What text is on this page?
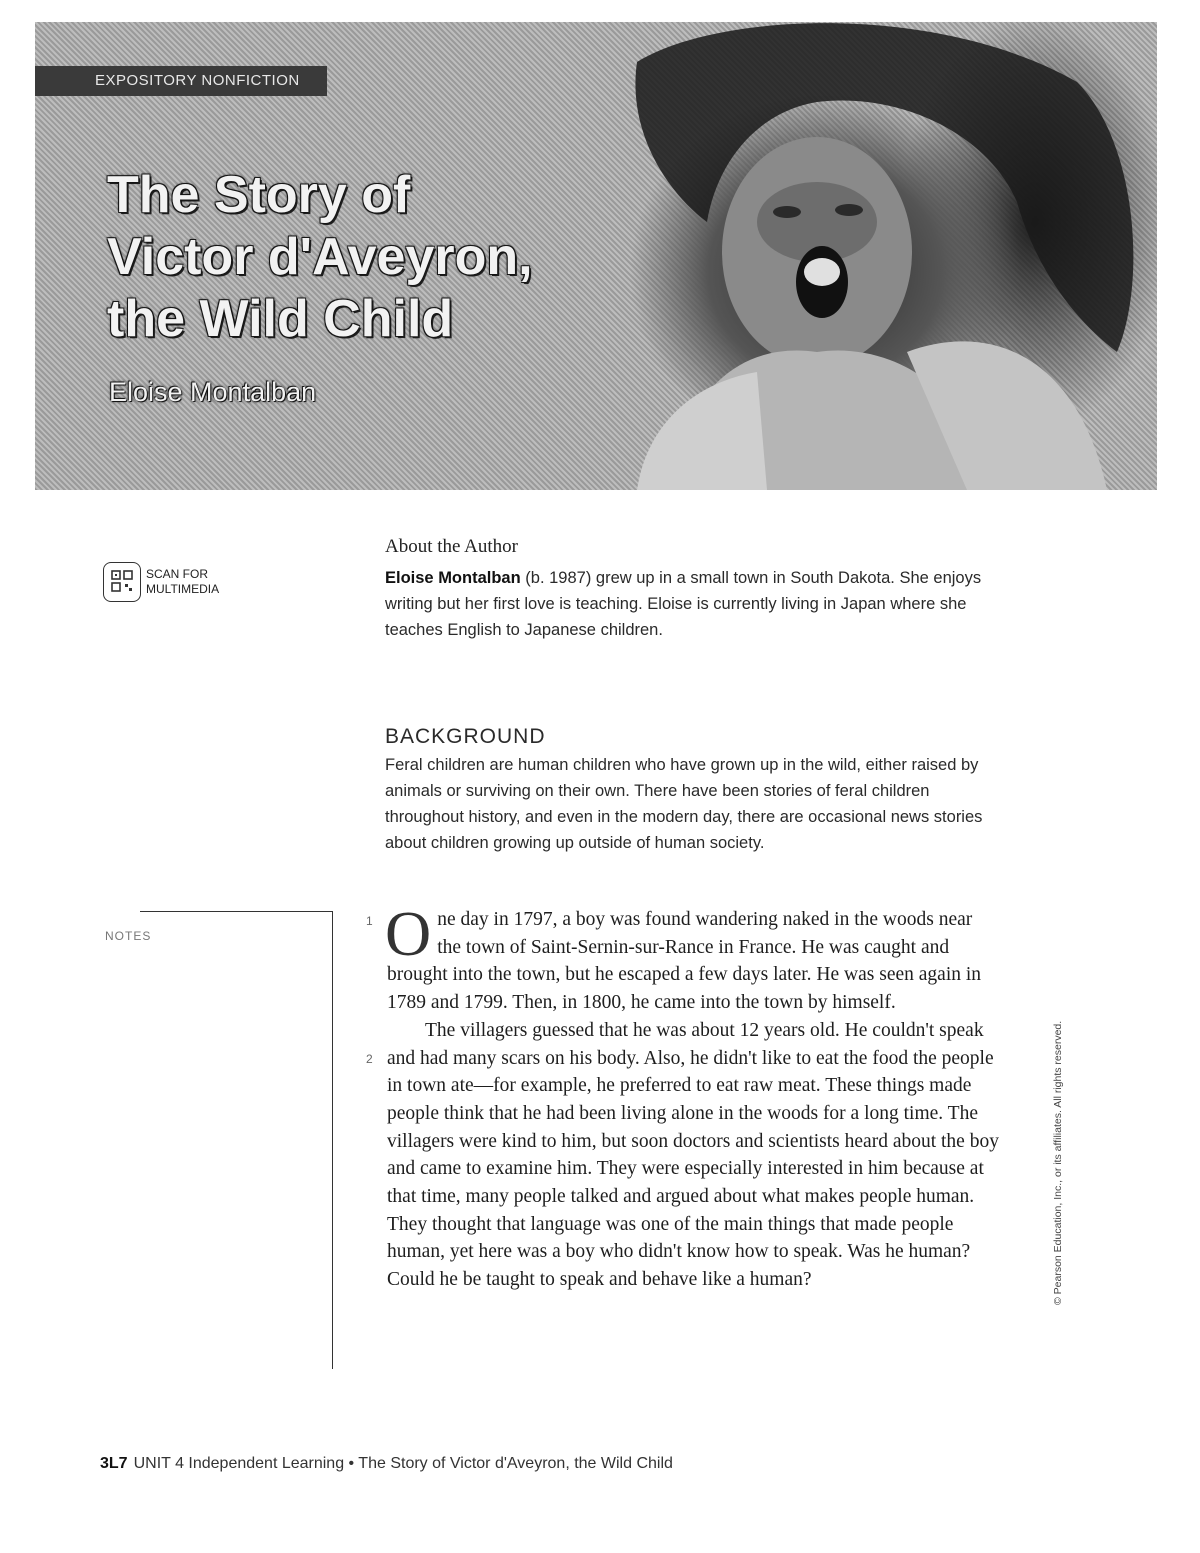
EXPOSITORY NONFICTION
The Story of Victor d'Aveyron, the Wild Child
Eloise Montalban
SCAN FOR
MULTIMEDIA
About the Author

Eloise Montalban (b. 1987) grew up in a small town in South Dakota. She enjoys writing but her first love is teaching. Eloise is currently living in Japan where she teaches English to Japanese children.

BACKGROUND

Feral children are human children who have grown up in the wild, either raised by animals or surviving on their own. There have been stories of feral children throughout history, and even in the modern day, there are occasional news stories about children growing up outside of human society.

NOTES
1
2

One day in 1797, a boy was found wandering naked in the woods near the town of Saint-Sernin-sur-Rance in France. He was caught and brought into the town, but he escaped a few days later. He was seen again in 1789 and 1799. Then, in 1800, he came into the town by himself.

The villagers guessed that he was about 12 years old. He couldn't speak and had many scars on his body. Also, he didn't like to eat the food the people in town ate—for example, he preferred to eat raw meat. These things made people think that he had been living alone in the woods for a long time. The villagers were kind to him, but soon doctors and scientists heard about the boy and came to examine him. They were especially interested in him because at that time, many people talked and argued about what makes people human. They thought that language was one of the main things that made people human, yet here was a boy who didn't know how to speak. Was he human? Could he be taught to speak and behave like a human?	© Pearson Education, Inc., or its affiliates. All rights reserved.
3L7 UNIT 4 Independent Learning • The Story of Victor d'Aveyron, the Wild Child
